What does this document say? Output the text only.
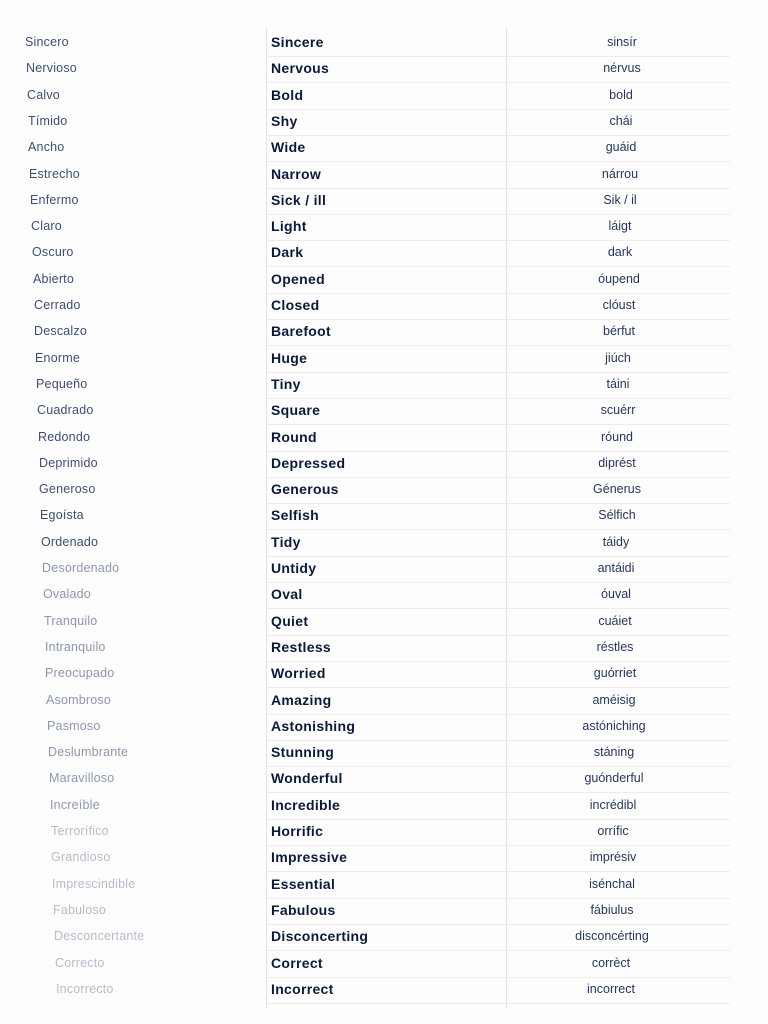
Sincero	Sincere	sinsír
Nervioso	Nervous	nérvus
Calvo	Bold	bold
Tímido	Shy	chái
Ancho	Wide	guáid
Estrecho	Narrow	nárrou
Enfermo	Sick / ill	Sik / il
Claro	Light	láigt
Oscuro	Dark	dark
Abierto	Opened	óupend
Cerrado	Closed	clóust
Descalzo	Barefoot	bérfut
Enorme	Huge	jiúch
Pequeño	Tiny	táini
Cuadrado	Square	scuérr
Redondo	Round	róund
Deprimido	Depressed	diprést
Generoso	Generous	Génerus
Egoísta	Selfish	Sélfich
Ordenado	Tidy	táidy
Desordenado	Untidy	antáidi
Ovalado	Oval	óuval
Tranquilo	Quiet	cuáiet
Intranquilo	Restless	réstles
Preocupado	Worried	guórriet
Asombroso	Amazing	améisig
Pasmoso	Astonishing	astóniching
Deslumbrante	Stunning	stáning
Maravilloso	Wonderful	guónderful
Increíble	Incredible	incrédibl
Terrorífico	Horrific	orrífic
Grandioso	Impressive	imprésiv
Imprescindible	Essential	isénchal
Fabuloso	Fabulous	fábiulus
Desconcertante	Disconcerting	disconcérting
Correcto	Correct	corrèct
Incorrecto	Incorrect	incorrect
